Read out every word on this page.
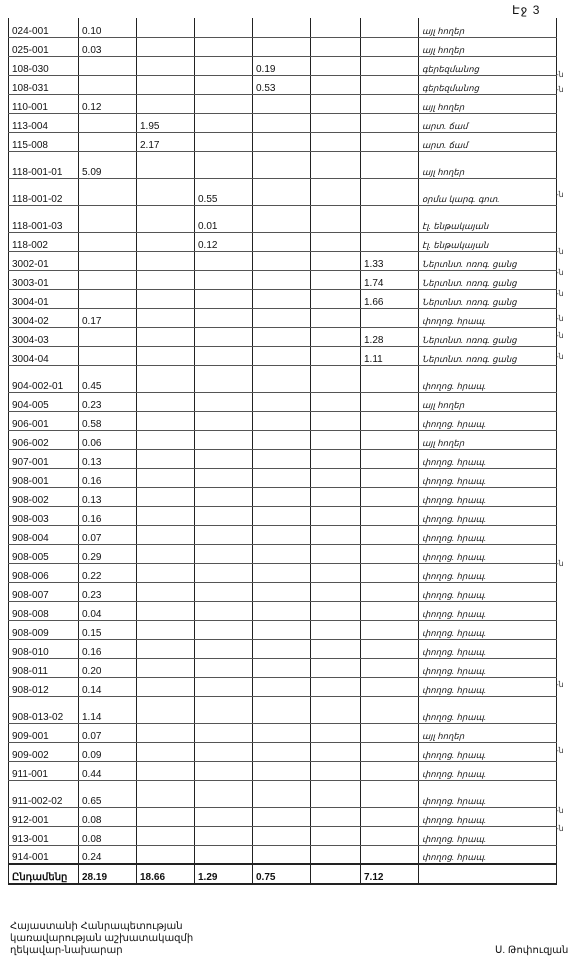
Էջ 3
024-001	0.10						այլ հողեր
025-001	0.03						այլ հողեր
108-030				0.19			գերեզմանոց
108-031				0.53			գերեզմանոց
110-001	0.12						այլ հողեր
113-004		1.95					արտ. ճամ
115-008		2.17					արտ. ճամ
118-001-01	5.09						այլ հողեր
118-001-02			0.55				օրմա կարգ. գոտ.
118-001-03			0.01				էլ. ենթակայան
118-002			0.12				էլ. ենթակայան
3002-01						1.33	Ներտնտ. ոռոգ. ցանց
3003-01						1.74	Ներտնտ. ոռոգ. ցանց
3004-01						1.66	Ներտնտ. ոռոգ. ցանց
3004-02	0.17						փողոց. հրապ.
3004-03						1.28	Ներտնտ. ոռոգ. ցանց
3004-04						1.11	Ներտնտ. ոռոգ. ցանց
904-002-01	0.45						փողոց. հրապ.
904-005	0.23						այլ հողեր
906-001	0.58						փողոց. հրապ.
906-002	0.06						այլ հողեր
907-001	0.13						փողոց. հրապ.
908-001	0.16						փողոց. հրապ.
908-002	0.13						փողոց. հրապ.
908-003	0.16						փողոց. հրապ.
908-004	0.07						փողոց. հրապ.
908-005	0.29						փողոց. հրապ.
908-006	0.22						փողոց. հրապ.
908-007	0.23						փողոց. հրապ.
908-008	0.04						փողոց. հրապ.
908-009	0.15						փողոց. հրապ.
908-010	0.16						փողոց. հրապ.
908-011	0.20						փողոց. հրապ.
908-012	0.14						փողոց. հրապ.
908-013-02	1.14						փողոց. հրապ.
909-001	0.07						այլ հողեր
909-002	0.09						փողոց. հրապ.
911-001	0.44						փողոց. հրապ.
911-002-02	0.65						փողոց. հրապ.
912-001	0.08						փողոց. հրապ.
913-001	0.08						փողոց. հրապ.
914-001	0.24						փողոց. հրապ.
Ընդամենը	28.19	18.66	1.29	0.75		7.12	
-ն
-ն
-ն
-ն
-ն
-ն
-ն
-ն
-ն
-ն
-ն
-ն
-ն
-ն
Հայաստանի Հանրապետության
կառավարության աշխատակազմի
ղեկավար-նախարար	Ս. Թոփուզյան
